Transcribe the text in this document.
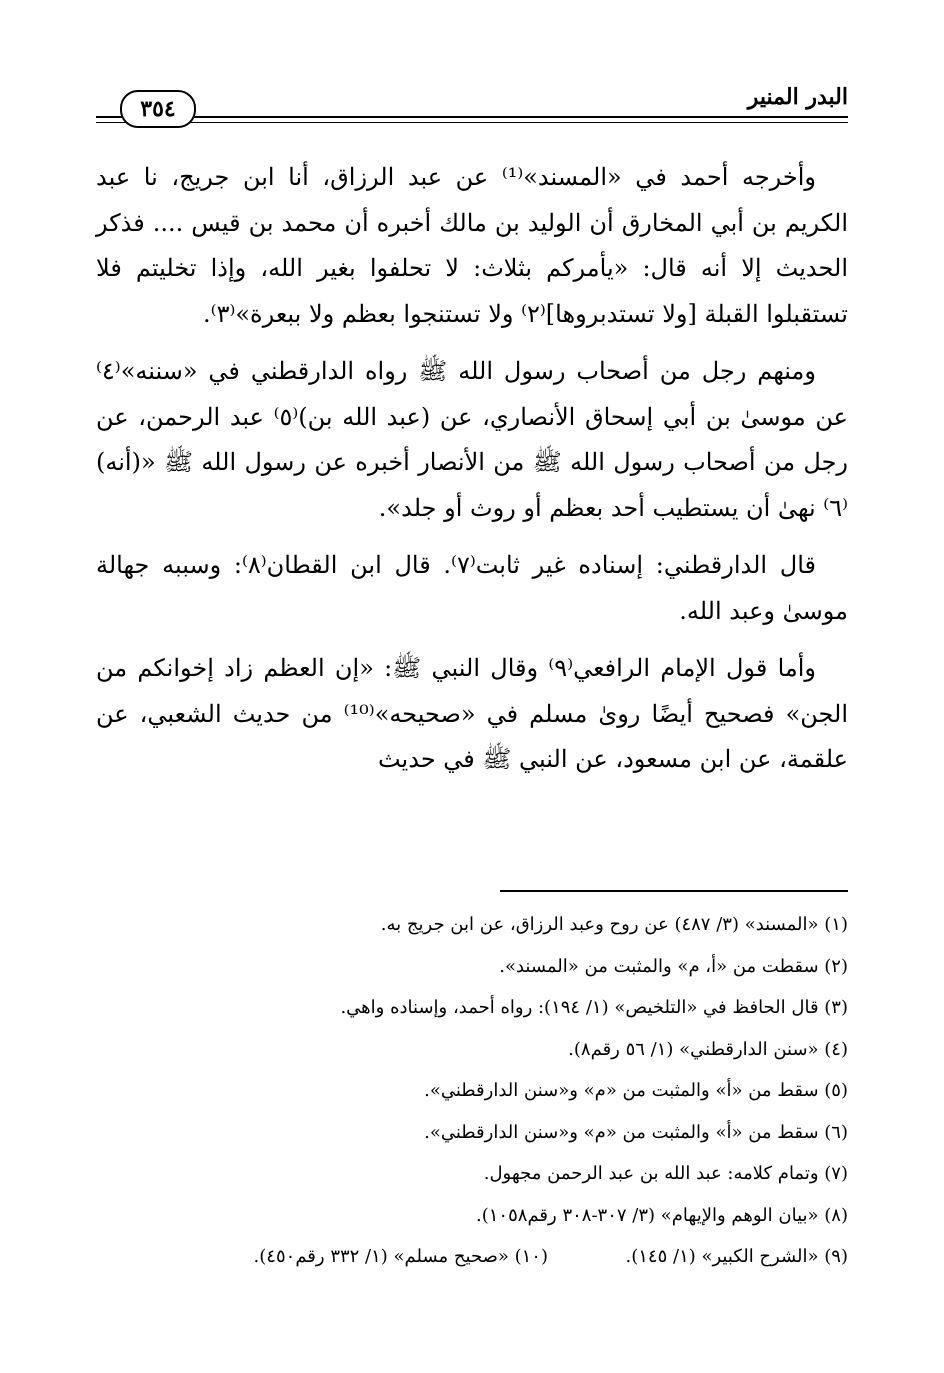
البدر المنير
٣٥٤

وأخرجه أحمد في «المسند»⁽¹⁾ عن عبد الرزاق، أنا ابن جريج، نا عبد الكريم بن أبي المخارق أن الوليد بن مالك أخبره أن محمد بن قيس .... فذكر الحديث إلا أنه قال: «يأمركم بثلاث: لا تحلفوا بغير الله، وإذا تخليتم فلا تستقبلوا القبلة [ولا تستدبروها]⁽٢⁾ ولا تستنجوا بعظم ولا ببعرة»⁽٣⁾.

ومنهم رجل من أصحاب رسول الله ﷺ رواه الدارقطني في «سننه»⁽٤⁾ عن موسىٰ بن أبي إسحاق الأنصاري، عن (عبد الله بن)⁽٥⁾ عبد الرحمن، عن رجل من أصحاب رسول الله ﷺ من الأنصار أخبره عن رسول الله ﷺ «(أنه)⁽٦⁾ نهىٰ أن يستطيب أحد بعظم أو روث أو جلد».

قال الدارقطني: إسناده غير ثابت⁽٧⁾. قال ابن القطان⁽٨⁾: وسببه جهالة موسىٰ وعبد الله.

وأما قول الإمام الرافعي⁽٩⁾ وقال النبي ﷺ: «إن العظم زاد إخوانكم من الجن» فصحيح أيضًا روىٰ مسلم في «صحيحه»⁽¹⁰⁾ من حديث الشعبي، عن علقمة، عن ابن مسعود، عن النبي ﷺ في حديث

(١) «المسند» (٣/ ٤٨٧) عن روح وعبد الرزاق، عن ابن جريج به.
(٢) سقطت من «أ، م» والمثبت من «المسند».
(٣) قال الحافظ في «التلخيص» (١/ ١٩٤): رواه أحمد، وإسناده واهي.
(٤) «سنن الدارقطني» (١/ ٥٦ رقم٨).
(٥) سقط من «أ» والمثبت من «م» و«سنن الدارقطني».
(٦) سقط من «أ» والمثبت من «م» و«سنن الدارقطني».
(٧) وتمام كلامه: عبد الله بن عبد الرحمن مجهول.
(٨) «بيان الوهم والإيهام» (٣/ ٣٠٧-٣٠٨ رقم١٠٥٨).
(٩) «الشرح الكبير» (١/ ١٤٥).
(١٠) «صحيح مسلم» (١/ ٣٣٢ رقم٤٥٠).
